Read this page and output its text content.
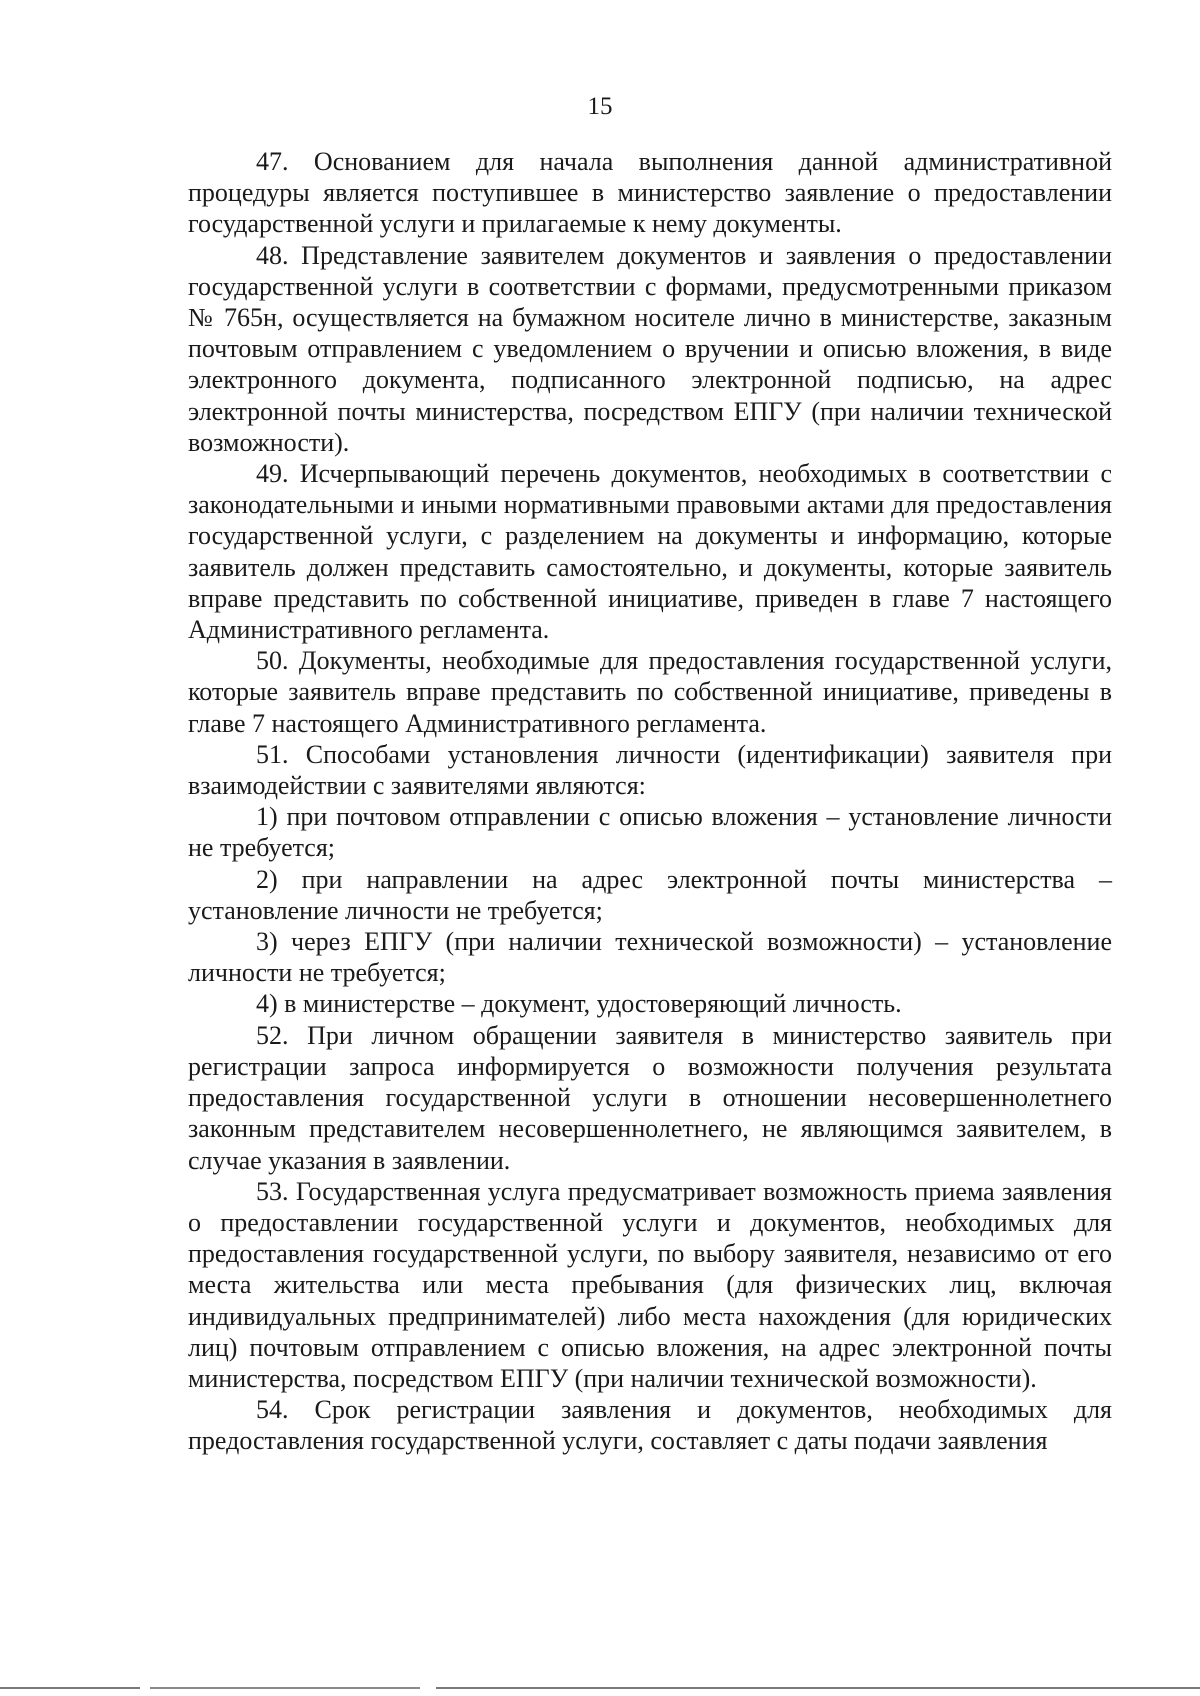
15

47. Основанием для начала выполнения данной административной процедуры является поступившее в министерство заявление о предоставлении государственной услуги и прилагаемые к нему документы.

48. Представление заявителем документов и заявления о предоставлении государственной услуги в соответствии с формами, предусмотренными приказом № 765н, осуществляется на бумажном носителе лично в министерстве, заказным почтовым отправлением с уведомлением о вручении и описью вложения, в виде электронного документа, подписанного электронной подписью, на адрес электронной почты министерства, посредством ЕПГУ (при наличии технической возможности).

49. Исчерпывающий перечень документов, необходимых в соответствии с законодательными и иными нормативными правовыми актами для предоставления государственной услуги, с разделением на документы и информацию, которые заявитель должен представить самостоятельно, и документы, которые заявитель вправе представить по собственной инициативе, приведен в главе 7 настоящего Административного регламента.

50. Документы, необходимые для предоставления государственной услуги, которые заявитель вправе представить по собственной инициативе, приведены в главе 7 настоящего Административного регламента.

51. Способами установления личности (идентификации) заявителя при взаимодействии с заявителями являются:

1) при почтовом отправлении с описью вложения – установление личности не требуется;

2) при направлении на адрес электронной почты министерства – установление личности не требуется;

3) через ЕПГУ (при наличии технической возможности) – установление личности не требуется;

4) в министерстве – документ, удостоверяющий личность.

52. При личном обращении заявителя в министерство заявитель при регистрации запроса информируется о возможности получения результата предоставления государственной услуги в отношении несовершеннолетнего законным представителем несовершеннолетнего, не являющимся заявителем, в случае указания в заявлении.

53. Государственная услуга предусматривает возможность приема заявления о предоставлении государственной услуги и документов, необходимых для предоставления государственной услуги, по выбору заявителя, независимо от его места жительства или места пребывания (для физических лиц, включая индивидуальных предпринимателей) либо места нахождения (для юридических лиц) почтовым отправлением с описью вложения, на адрес электронной почты министерства, посредством ЕПГУ (при наличии технической возможности).

54. Срок регистрации заявления и документов, необходимых для предоставления государственной услуги, составляет с даты подачи заявления
